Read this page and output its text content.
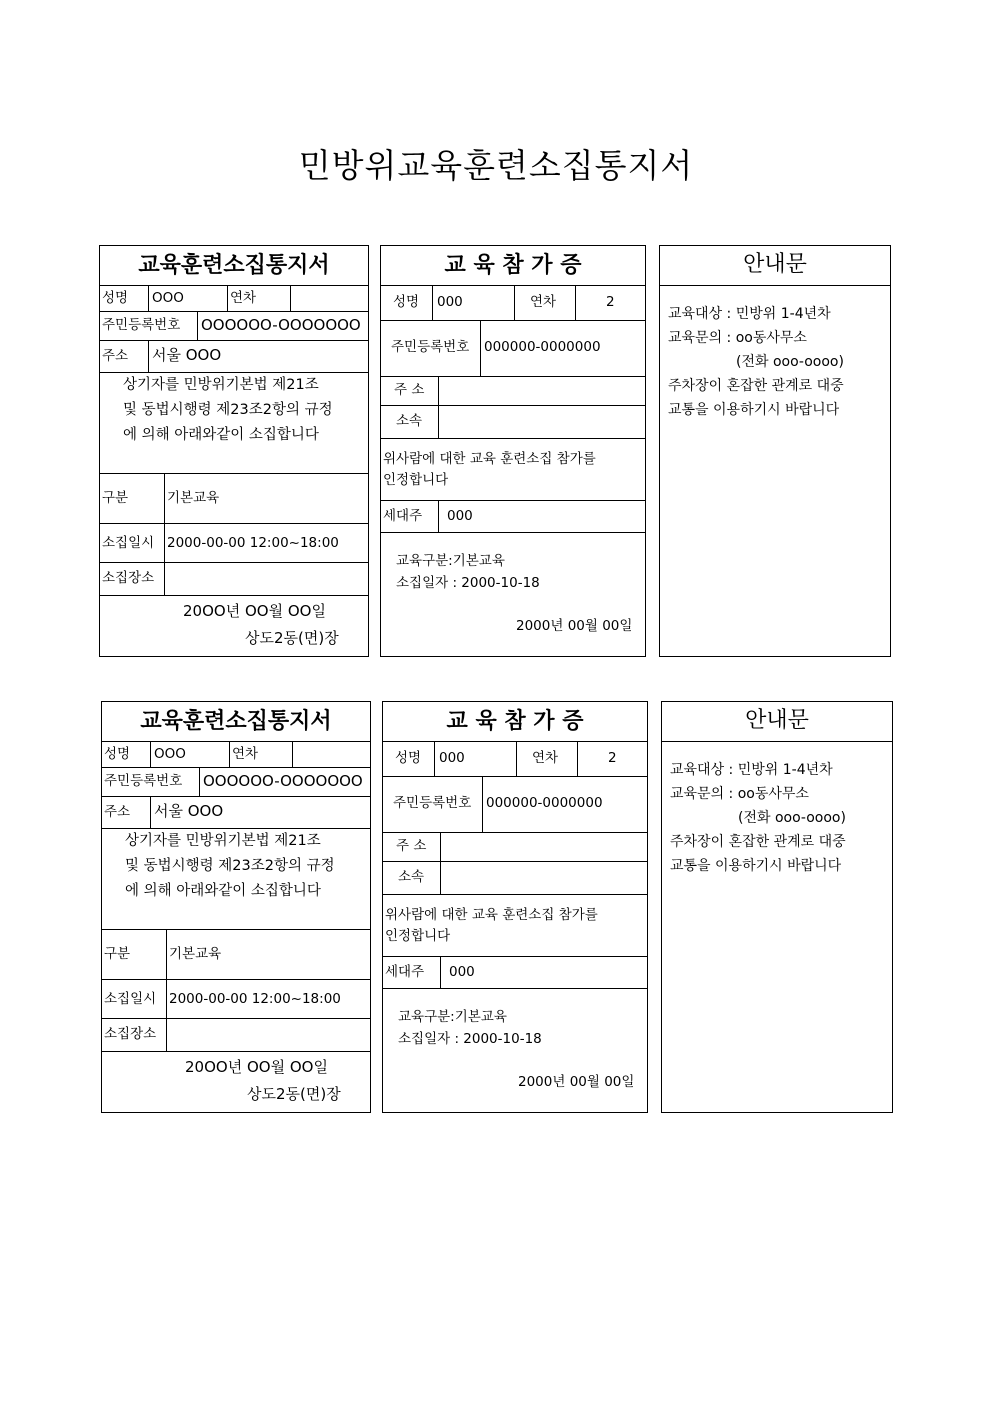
민방위교육훈련소집통지서
교육훈련소집통지서
성명 OOO	연차
주민등록번호 OOOOOO-OOOOOOO
주소 서울 OOO
상기자를 민방위기본법 제21조
및 동법시행령 제23조2항의 규정
에 의해 아래와같이 소집합니다
구분	기본교육
소집일시 2000-00-00 12:00~18:00
소집장소
20OO년 OO월 OO일
상도2동(면)장
교 육 참 가 증
성명 000	연차	2
주민등록번호 000000-0000000
주 소
소속
위사람에 대한 교육 훈련소집 참가를
인정합니다
세대주 000
교육구분:기본교육
소집일자 : 2000-10-18
2000년 00월 00일
안내문
교육대상 : 민방위 1-4년차
교육문의 : oo동사무소
(전화 ooo-oooo)
주차장이 혼잡한 관계로 대중
교통을 이용하기시 바랍니다
교육훈련소집통지서
성명 OOO	연차
주민등록번호 OOOOOO-OOOOOOO
주소 서울 OOO
상기자를 민방위기본법 제21조
및 동법시행령 제23조2항의 규정
에 의해 아래와같이 소집합니다
구분	기본교육
소집일시 2000-00-00 12:00~18:00
소집장소
20OO년 OO월 OO일
상도2동(면)장
교 육 참 가 증
성명 000	연차	2
주민등록번호 000000-0000000
주 소
소속
위사람에 대한 교육 훈련소집 참가를
인정합니다
세대주 000
교육구분:기본교육
소집일자 : 2000-10-18
2000년 00월 00일
안내문
교육대상 : 민방위 1-4년차
교육문의 : oo동사무소
(전화 ooo-oooo)
주차장이 혼잡한 관계로 대중
교통을 이용하기시 바랍니다
